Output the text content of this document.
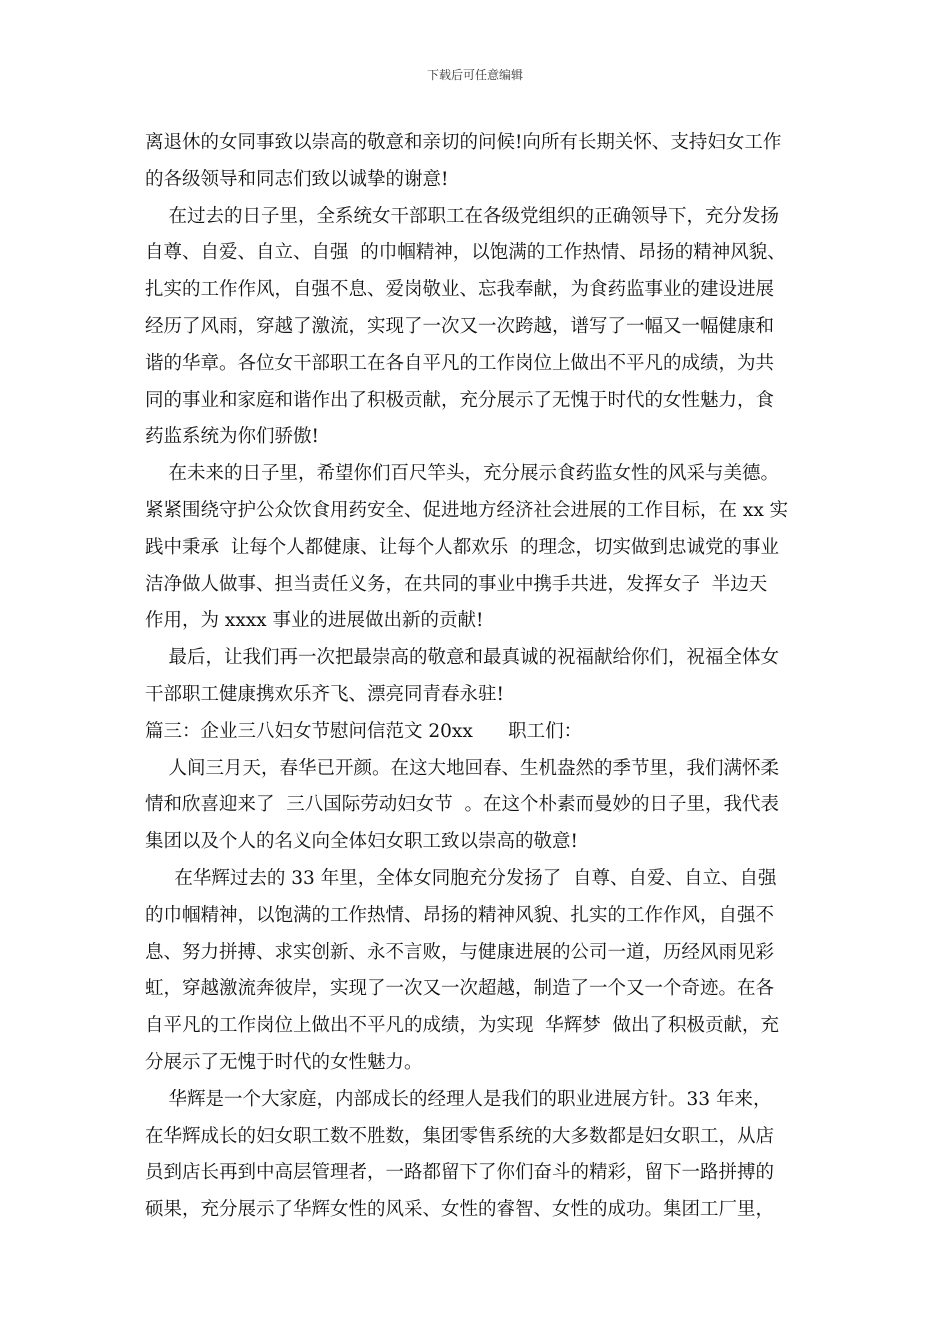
下载后可任意编辑
离退休的女同事致以崇高的敬意和亲切的问候!向所有长期关怀、支持妇女工作
的各级领导和同志们致以诚挚的谢意!
在过去的日子里，全系统女干部职工在各级党组织的正确领导下，充分发扬
自尊、自爱、自立、自强  的巾帼精神，以饱满的工作热情、昂扬的精神风貌、
扎实的工作作风，自强不息、爱岗敬业、忘我奉献，为食药监事业的建设进展
经历了风雨，穿越了激流，实现了一次又一次跨越，谱写了一幅又一幅健康和
谐的华章。各位女干部职工在各自平凡的工作岗位上做出不平凡的成绩，为共
同的事业和家庭和谐作出了积极贡献，充分展示了无愧于时代的女性魅力，食
药监系统为你们骄傲!
在未来的日子里，希望你们百尺竿头，充分展示食药监女性的风采与美德。
紧紧围绕守护公众饮食用药安全、促进地方经济社会进展的工作目标，在 xx 实
践中秉承  让每个人都健康、让每个人都欢乐  的理念，切实做到忠诚党的事业
洁净做人做事、担当责任义务，在共同的事业中携手共进，发挥女子  半边天
作用，为 xxxx 事业的进展做出新的贡献!
最后，让我们再一次把最崇高的敬意和最真诚的祝福献给你们，祝福全体女
干部职工健康携欢乐齐飞、漂亮同青春永驻!
篇三：企业三八妇女节慰问信范文 20xx      职工们：
人间三月天，春华已开颜。在这大地回春、生机盎然的季节里，我们满怀柔
情和欣喜迎来了  三八国际劳动妇女节  。在这个朴素而曼妙的日子里，我代表
集团以及个人的名义向全体妇女职工致以崇高的敬意!
在华辉过去的 33 年里，全体女同胞充分发扬了  自尊、自爱、自立、自强
的巾帼精神，以饱满的工作热情、昂扬的精神风貌、扎实的工作作风，自强不
息、努力拼搏、求实创新、永不言败，与健康进展的公司一道，历经风雨见彩
虹，穿越激流奔彼岸，实现了一次又一次超越，制造了一个又一个奇迹。在各
自平凡的工作岗位上做出不平凡的成绩，为实现  华辉梦  做出了积极贡献，充
分展示了无愧于时代的女性魅力。
华辉是一个大家庭，内部成长的经理人是我们的职业进展方针。33 年来，
在华辉成长的妇女职工数不胜数，集团零售系统的大多数都是妇女职工，从店
员到店长再到中高层管理者，一路都留下了你们奋斗的精彩，留下一路拼搏的
硕果，充分展示了华辉女性的风采、女性的睿智、女性的成功。集团工厂里，
